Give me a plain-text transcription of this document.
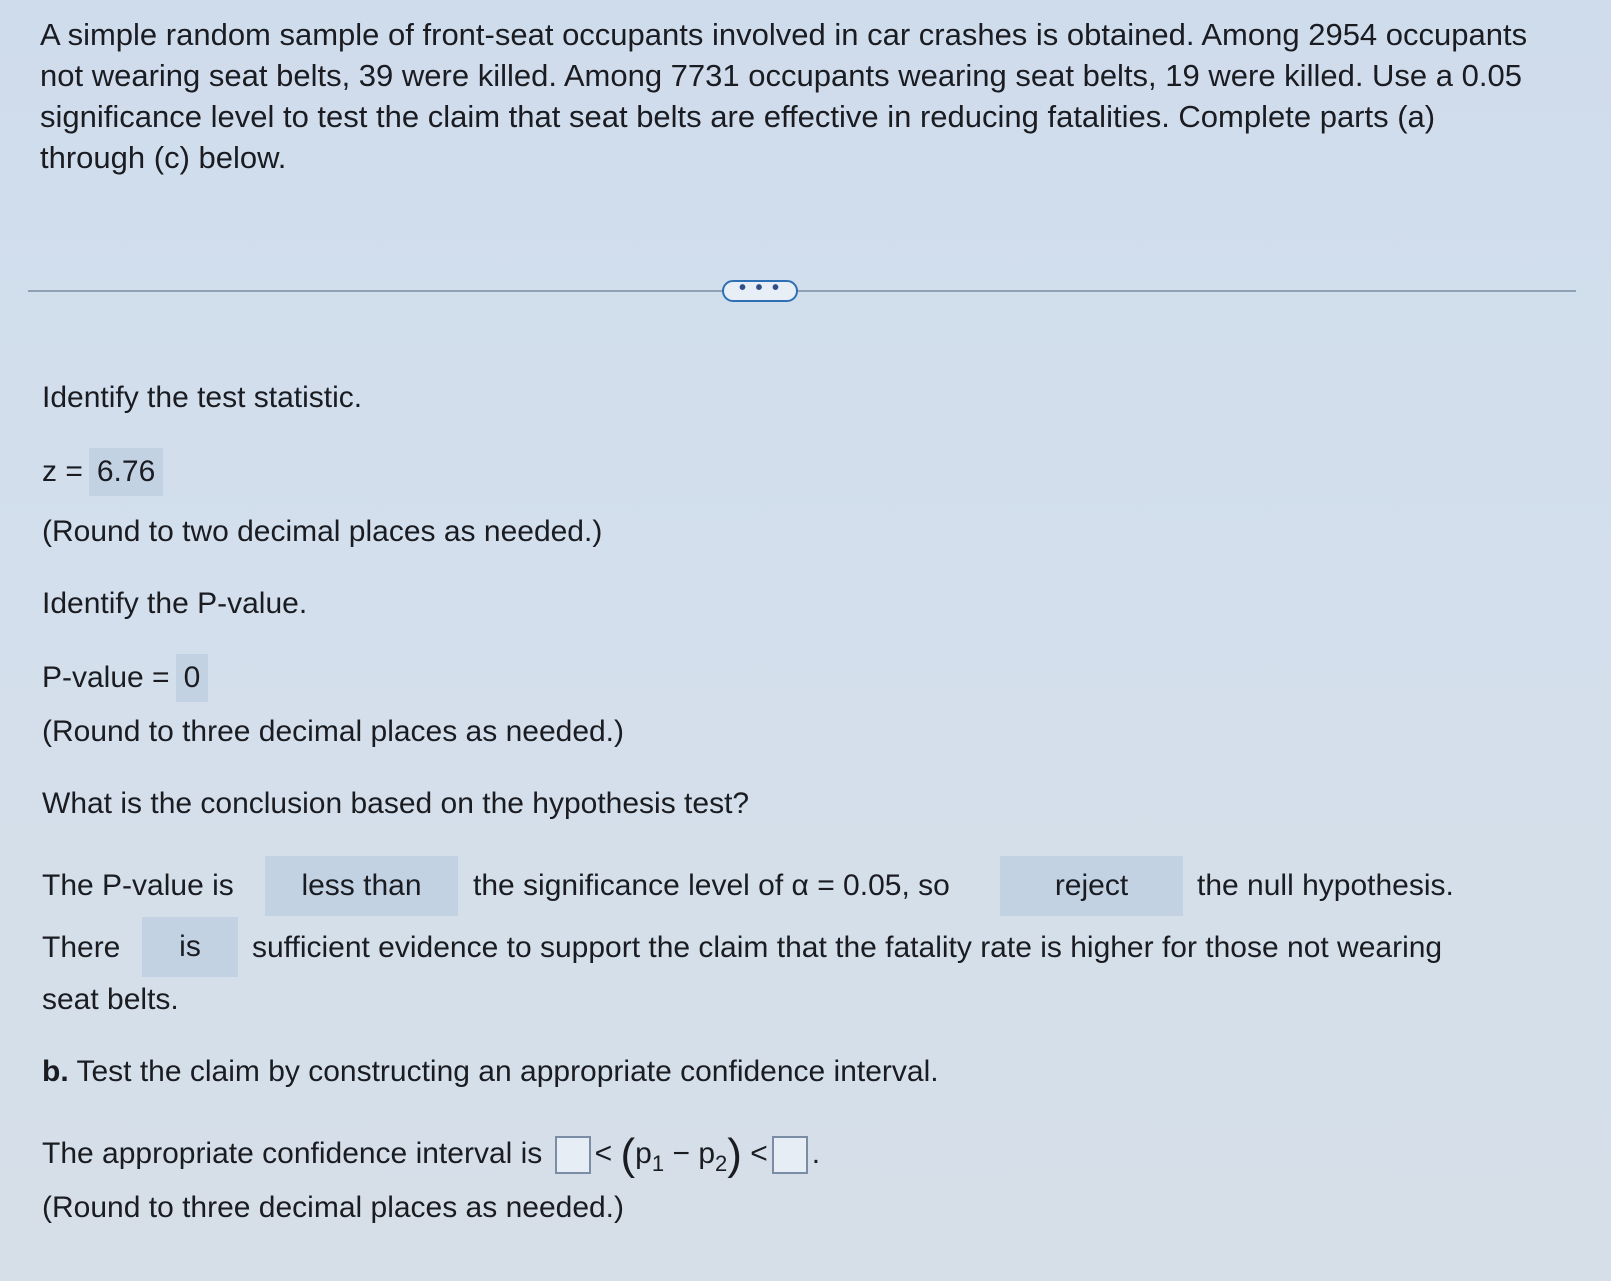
A simple random sample of front-seat occupants involved in car crashes is obtained. Among 2954 occupants not wearing seat belts, 39 were killed. Among 7731 occupants wearing seat belts, 19 were killed. Use a 0.05 significance level to test the claim that seat belts are effective in reducing fatalities. Complete parts (a) through (c) below.
• • •
Identify the test statistic.
z = 6.76
(Round to two decimal places as needed.)
Identify the P-value.
P-value = 0
(Round to three decimal places as needed.)
What is the conclusion based on the hypothesis test?
The P-value is	less than	the significance level of α = 0.05, so	reject	the null hypothesis.
There	is	sufficient evidence to support the claim that the fatality rate is higher for those not wearing
seat belts.
b. Test the claim by constructing an appropriate confidence interval.
The appropriate confidence interval is < $(p_1 - p_2)$ < .
(Round to three decimal places as needed.)
